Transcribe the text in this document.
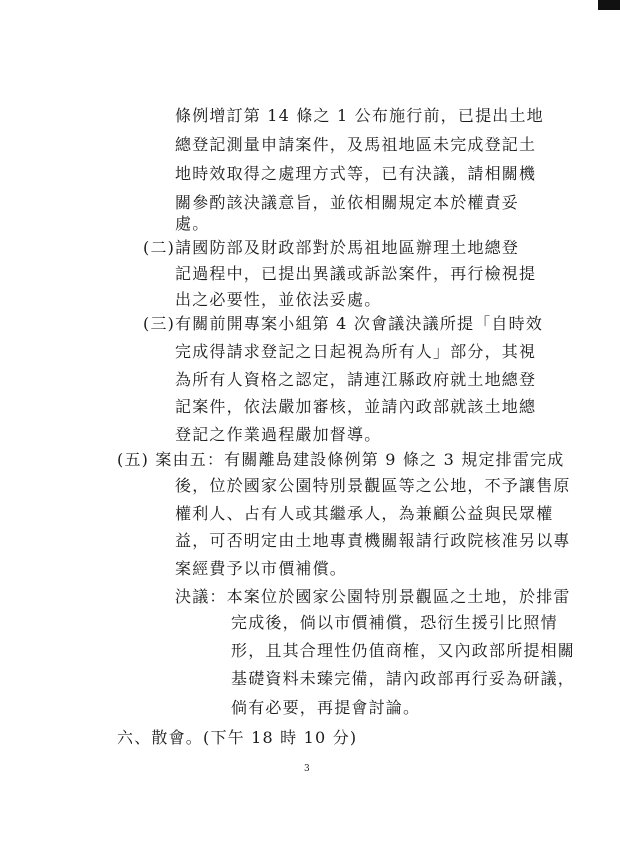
條例增訂第 14 條之 1 公布施行前，已提出土地
總登記測量申請案件，及馬祖地區未完成登記土
地時效取得之處理方式等，已有決議，請相關機
關參酌該決議意旨，並依相關規定本於權責妥
處。
(二)請國防部及財政部對於馬祖地區辦理土地總登
記過程中，已提出異議或訴訟案件，再行檢視提
出之必要性，並依法妥處。
(三)有關前開專案小組第 4 次會議決議所提「自時效
完成得請求登記之日起視為所有人」部分，其視
為所有人資格之認定，請連江縣政府就土地總登
記案件，依法嚴加審核，並請內政部就該土地總
登記之作業過程嚴加督導。
(五) 案由五：有關離島建設條例第 9 條之 3 規定排雷完成
後，位於國家公園特別景觀區等之公地，不予讓售原
權利人、占有人或其繼承人，為兼顧公益與民眾權
益，可否明定由土地專責機關報請行政院核准另以專
案經費予以市價補償。
決議：本案位於國家公園特別景觀區之土地，於排雷
完成後，倘以市價補償，恐衍生援引比照情
形，且其合理性仍值商榷，又內政部所提相關
基礎資料未臻完備，請內政部再行妥為研議，
倘有必要，再提會討論。
六、散會。(下午 18 時 10 分)
3
